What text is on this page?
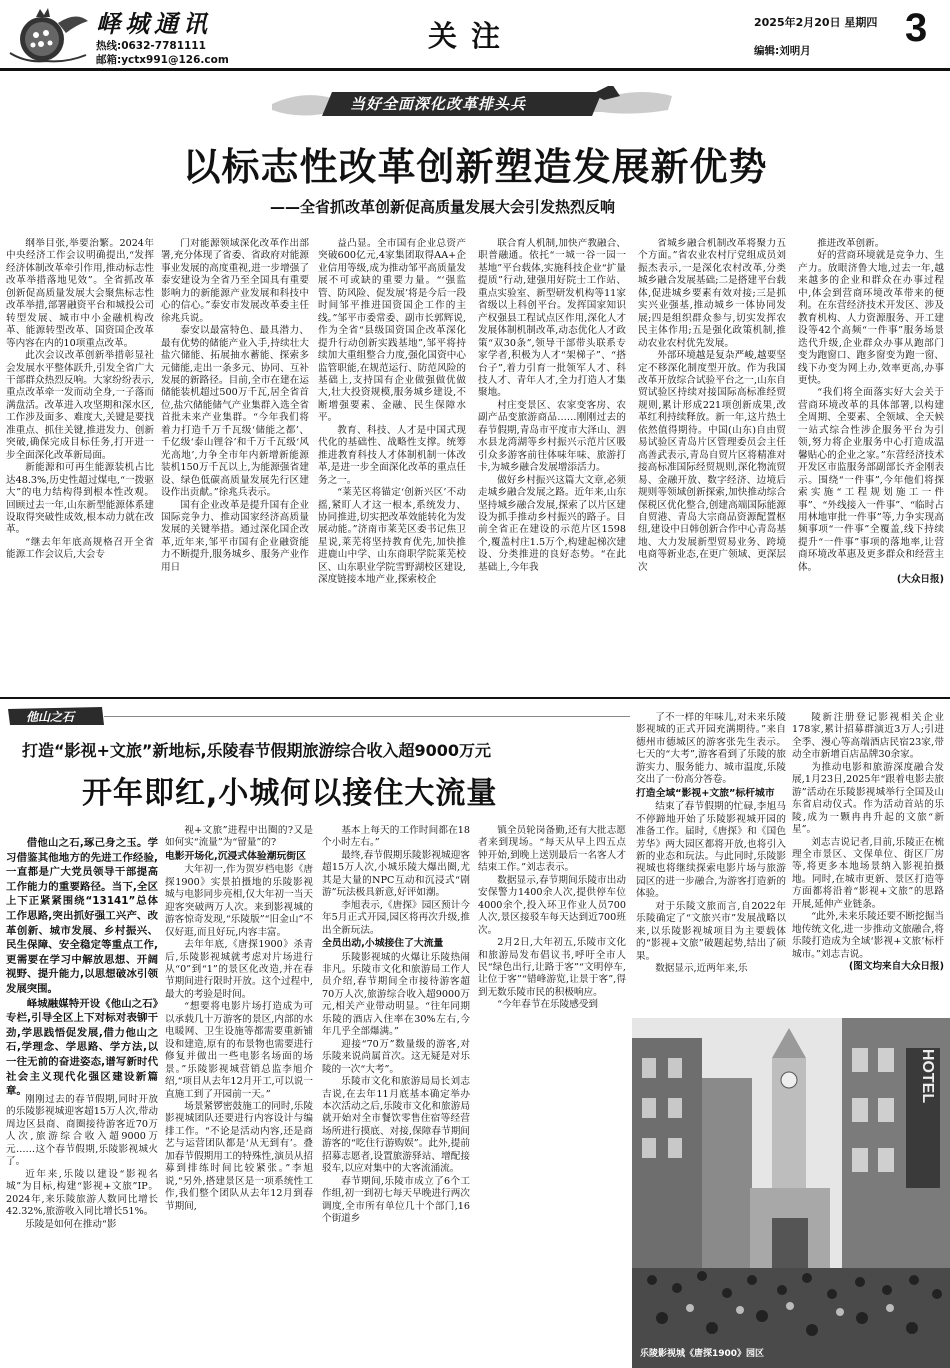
峄城通讯
热线:0632-7781111
邮箱:yctx991@126.com
关注	2025年2月20日 星期四
编辑:刘明月
3
当好全面深化改革排头兵
以标志性改革创新塑造发展新优势
——全省抓改革创新促高质量发展大会引发热烈反响

纲举目张,举要治繁。2024年中央经济工作会议明确提出,“发挥经济体制改革牵引作用,推动标志性改革举措落地见效”。全省抓改革创新促高质量发展大会聚焦标志性改革举措,部署融资平台和城投公司转型发展、城市中小金融机构改革、能源转型改革、国资国企改革等内容在内的10项重点改革。

此次会议改革创新举措彰显社会发展水平整体跃升,引发全省广大干部群众热烈反响。大家纷纷表示,重点改革牵一发而动全身,一子落而满盘活。改革进入攻坚期和深水区,工作涉及面多、难度大,关键是要找准重点、抓住关键,推进发力、创新突破,确保完成目标任务,打开进一步全面深化改革新局面。

新能源和可再生能源装机占比达48.3%,历史性超过煤电,“一拨驱大”的电力结构得到根本性改观。回顾过去一年,山东新型能源体系建设取得突破性成效,根本动力就在改革。

“继去年年底高规格召开全省能源工作会议后,大会专

门对能源领域深化改革作出部署,充分体现了省委、省政府对能源事业发展的高度重视,进一步增强了泰安建设为全省乃至全国具有重要影响力的新能源产业发展和科技中心的信心。”泰安市发展改革委主任徐兆兵说。

泰安以最富特色、最具潜力、最有优势的储能产业入手,持续壮大盐穴储能、拓展抽水蓄能、探索多元储能,走出一条多元、协同、互补发展的新路径。目前,全市在建在运储能装机超过500万千瓦,居全省首位,盐穴储能储气产业集群入选全省首批未来产业集群。“今年我们将着力打造千万千瓦级‘储能之都’、千亿级‘泰山锂谷’和千万千瓦级‘风光高地’,力争全市年内新增新能源装机150万千瓦以上,为能源强省建设、绿色低碳高质量发展先行区建设作出贡献。”徐兆兵表示。

国有企业改革是提升国有企业国际竞争力、推动国家经济高质量发展的关键举措。通过深化国企改革,近年来,邹平市国有企业融资能力不断提升,服务城乡、服务产业作用日

益凸显。全市国有企业总资产突破600亿元,4家集团取得AA+企业信用等级,成为推动邹平高质量发展不可或缺的重要力量。“‘强监管、防风险、促发展’将是今后一段时间邹平推进国资国企工作的主线。”邹平市委常委、副市长郭辉说,作为全省“县级国资国企改革深化提升行动创新实践基地”,邹平将持续加大重组整合力度,强化国资中心监管职能,在规范运行、防范风险的基础上,支持国有企业做强做优做大,壮大投资规模,服务城乡建设,不断增强要素、金融、民生保障水平。

教育、科技、人才是中国式现代化的基础性、战略性支撑。统筹推进教育科技人才体制机制一体改革,是进一步全面深化改革的重点任务之一。

“莱芜区将锚定‘创新兴区’不动摇,紧盯人才这一根本,系统发力、协同推进,切实把改革效能转化为发展动能。”济南市莱芜区委书记焦卫星说,莱芜将坚持教育优先,加快推进鹿山中学、山东商职学院莱芜校区、山东职业学院雪野湖校区建设,深度链接本地产业,探索校企

联合育人机制,加快产教融合、职普融通。依托“一城一谷一园一基地”平台载体,实施科技企业“扩量提质”行动,建强用好院士工作站、重点实验室、新型研发机构等11家省级以上科创平台。发挥国家知识产权强县工程试点区作用,深化人才发展体制机制改革,动态优化人才政策“双30条”,领导干部带头联系专家学者,积极为人才“架梯子”、“搭台子”,着力引育一批领军人才、科技人才、青年人才,全力打造人才集聚地。

村庄变景区、农家变客房、农副产品变旅游商品……刚刚过去的春节假期,青岛市平度市大泽山、泗水县龙湾湖等乡村振兴示范片区吸引众多游客前往体味年味、旅游打卡,为城乡融合发展增添活力。

做好乡村振兴这篇大文章,必须走城乡融合发展之路。近年来,山东坚持城乡融合发展,探索了以片区建设为抓手推动乡村振兴的路子。目前全省正在建设的示范片区1598个,覆盖村庄1.5万个,构建起梯次建设、分类推进的良好态势。“在此基础上,今年我

省城乡融合机制改革将聚力五个方面。”省农业农村厅党组成员刘振杰表示,一是深化农村改革,分类城乡融合发展基础;二是搭建平台载体,促进城乡要素有效对接;三是抓实兴业强基,推动城乡一体协同发展;四是组织群众参与,切实发挥农民主体作用;五是强化政策机制,推动农业农村优先发展。

外部环境越是复杂严峻,越要坚定不移深化制度型开放。作为我国改革开放综合试验平台之一,山东自贸试验区持续对接国际高标准经贸规则,累计形成221项创新成果,改革红利持续释放。新一年,这片热土依然值得期待。中国(山东)自由贸易试验区青岛片区管理委员会主任高善武表示,青岛自贸片区将精准对接高标准国际经贸规则,深化物流贸易、金融开放、数字经济、边境后规则等领域创新探索,加快推动综合保税区优化整合,创建高端国际能源自贸港、青岛大宗商品资源配置枢纽,建设中日韩创新合作中心青岛基地、大力发展新型贸易业务、跨境电商等新业态,在更广领域、更深层次

推进改革创新。

好的营商环境就是竞争力、生产力。放眼济鲁大地,过去一年,越来越多的企业和群众在办事过程中,体会到营商环境改革带来的便利。在东营经济技术开发区、涉及教育机构、人力资源服务、开工建设等42个高频“一件事”服务场景迭代升级,企业群众办事从跑部门变为跑窗口、跑多窗变为跑一窗、线下办变为网上办,效率更高,办事更快。

“我们将全面落实好大会关于营商环境改革的具体部署,以构建全周期、全要素、全领域、全天候一站式综合性涉企服务平台为引领,努力将企业服务中心打造成温馨贴心的企业之家。”东营经济技术开发区市监服务部副部长齐金刚表示。围绕“一件事”,今年他们将探索实施“工程规划施工一件事”、“外线接入一件事”、“临时占用林地审批一件事”等,力争实现高频事项“一件事”全覆盖,线下持续提升“一件事”事项的落地率,让营商环境改革惠及更多群众和经营主体。

(大众日报)

他山之石
打造“影视+文旅”新地标,乐陵春节假期旅游综合收入超9000万元
开年即红,小城何以接住大流量

借他山之石,琢己身之玉。学习借鉴其他地方的先进工作经验,一直都是广大党员领导干部提高工作能力的重要路径。当下,全区上下正紧紧围绕“13141”总体工作思路,突出抓好强工兴产、改革创新、城市发展、乡村振兴、民生保障、安全稳定等重点工作,更需要在学习中解放思想、开阔视野、提升能力,以思想破冰引领发展突围。

峄城融媒特开设《他山之石》专栏,引导全区上下对标对表铆干劲,学思践悟促发展,借力他山之石,学理念、学思路、学方法,以一往无前的奋进姿态,谱写新时代社会主义现代化强区建设新篇章。

刚刚过去的春节假期,同时开放的乐陵影视城迎客超15万人次,带动周边区县商、商圈接待游客近70万人次,旅游综合收入超9000万元……这个春节假期,乐陵影视城火了。

近年来,乐陵以建设“影视名城”为目标,构建“影视+文旅”IP。2024年,来乐陵旅游人数同比增长42.32%,旅游收入同比增长51%。

乐陵是如何在推动“影

视+文旅”进程中出圈的?又是如何实“流量”为“留量”的?

电影开场化,沉浸式体验潮玩街区

大年初一,作为贺岁档电影《唐探1900》实景拍摄地的乐陵影视城与电影同步亮相,仅大年初一当天迎客突破两万人次。来到影视城的游客惊奇发现,“乐陵版”“旧金山”不仅好逛,而且好玩,内容丰富。

去年年底,《唐探1900》杀青后,乐陵影视城就考虑对片场进行从“0”到“1”的景区化改造,并在春节期间进行限时开放。这个过程中,最大的考验是时间。

“想要将电影片场打造成为可以承载几十万游客的景区,内部的水电暖网、卫生设施等都需要重新铺设和建造,原有的布景物也需要进行修复并做出一些电影名场面的场景。”乐陵影视城营销总监李旭介绍,“项目从去年12月开工,可以说一直施工到了开园前一天。”

场景紧锣密鼓施工的同时,乐陵影视城团队还要进行内容设计与编排工作。“不论是活动内容,还是商艺与运营团队都是‘从无到有’。叠加春节假期用工的特殊性,演员从招募到排练时间比较紧张。”李旭说,“另外,搭建景区是一项系统性工作,我们整个团队从去年12月到春节期间,

基本上每天的工作时间都在18个小时左右。”

最终,春节假期乐陵影视城迎客超15万人次,小城乐陵大爆出圈,尤其是大量的NPC互动和沉浸式“剧游”玩法极具新意,好评如潮。

李旭表示,《唐探》园区预计今年5月正式开园,园区将再次升级,推出全新玩法。

全员出动,小城接住了大流量

乐陵影视城的火爆让乐陵热闹非凡。乐陵市文化和旅游局工作人员介绍,春节期间全市接待游客超70万人次,旅游综合收入超9000万元,相关产业带动明显。“往年同期乐陵的酒店入住率在30%左右,今年几乎全部爆满。”

迎接“70万”数量级的游客,对乐陵来说尚属首次。这无疑是对乐陵的一次“大考”。

乐陵市文化和旅游局局长刘志吉说,在去年11月底基本确定举办本次活动之后,乐陵市文化和旅游局就开始对全市餐饮零售住宿等经营场所进行摸底、对接,保障春节期间游客的“吃住行游购娱”。此外,提前招募志愿者,设置旅游驿站、增配接驳车,以应对集中的大客流涌流。

春节期间,乐陵市成立了6个工作组,初一到初七每天早晚进行两次调度,全市所有单位几十个部门,16个街道乡

镇全员轮岗备勤,还有大批志愿者来到现场。“每天从早上四五点钟开始,到晚上送别最后一名客人才结束工作。”刘志表示。

数据显示,春节期间乐陵市出动安保警力1400余人次,提供停车位4000余个,投入环卫作业人员700人次,景区接驳车每天达到近700班次。

2月2日,大年初五,乐陵市文化和旅游局发布倡议书,呼吁全市人民“绿色出行,让路于客”“文明停车,让位于客”“错峰游览,让景于客”,得到无数乐陵市民的积极响应。

“今年春节在乐陵感受到

了不一样的年味儿,对未来乐陵影视城的正式开园充满期待。”来自德州市德城区的游客张先生表示。七天的“大考”,游客看到了乐陵的旅游实力、服务能力、城市温度,乐陵交出了一份高分答卷。

打造全域“影视+文旅”标杆城市

结束了春节假期的忙碌,李旭马不停蹄地开始了乐陵影视城开园的准备工作。届时,《唐探》和《国色芳华》两大园区都将开放,也将引入新的业态和玩法。与此同时,乐陵影视城也将继续探索电影片场与旅游园区的进一步融合,为游客打造新的体验。

对于乐陵文旅而言,自2022年乐陵确定了“文旅兴市”发展战略以来,以乐陵影视城项目为主要载体的“影视+文旅”破题起势,结出了硕果。

数据显示,近两年来,乐

陵新注册登记影视相关企业178家,累计招募群演近3万人;引进全季、漫心等高端酒店民宿23家,带动全市新增百店品牌30余家。

为推动电影和旅游深度融合发展,1月23日,2025年“跟着电影去旅游”活动在乐陵影视城举行全国及山东省启动仪式。作为活动首站的乐陵,成为一颗冉冉升起的文旅“新星”。

刘志吉说记者,目前,乐陵正在梳理全市景区、文保单位、街区厂房等,将更多本地场景纳入影视拍摄地。同时,在城市更新、景区打造等方面都将沿着“影视+文旅”的思路开展,延伸产业链条。

“此外,未来乐陵还要不断挖掘当地传统文化,进一步推动文旅融合,将乐陵打造成为全域‘影视+文旅’标杆城市。”刘志吉说。

(图文均来自大众日报)

HOTEL
乐陵影视城《唐探1900》园区
